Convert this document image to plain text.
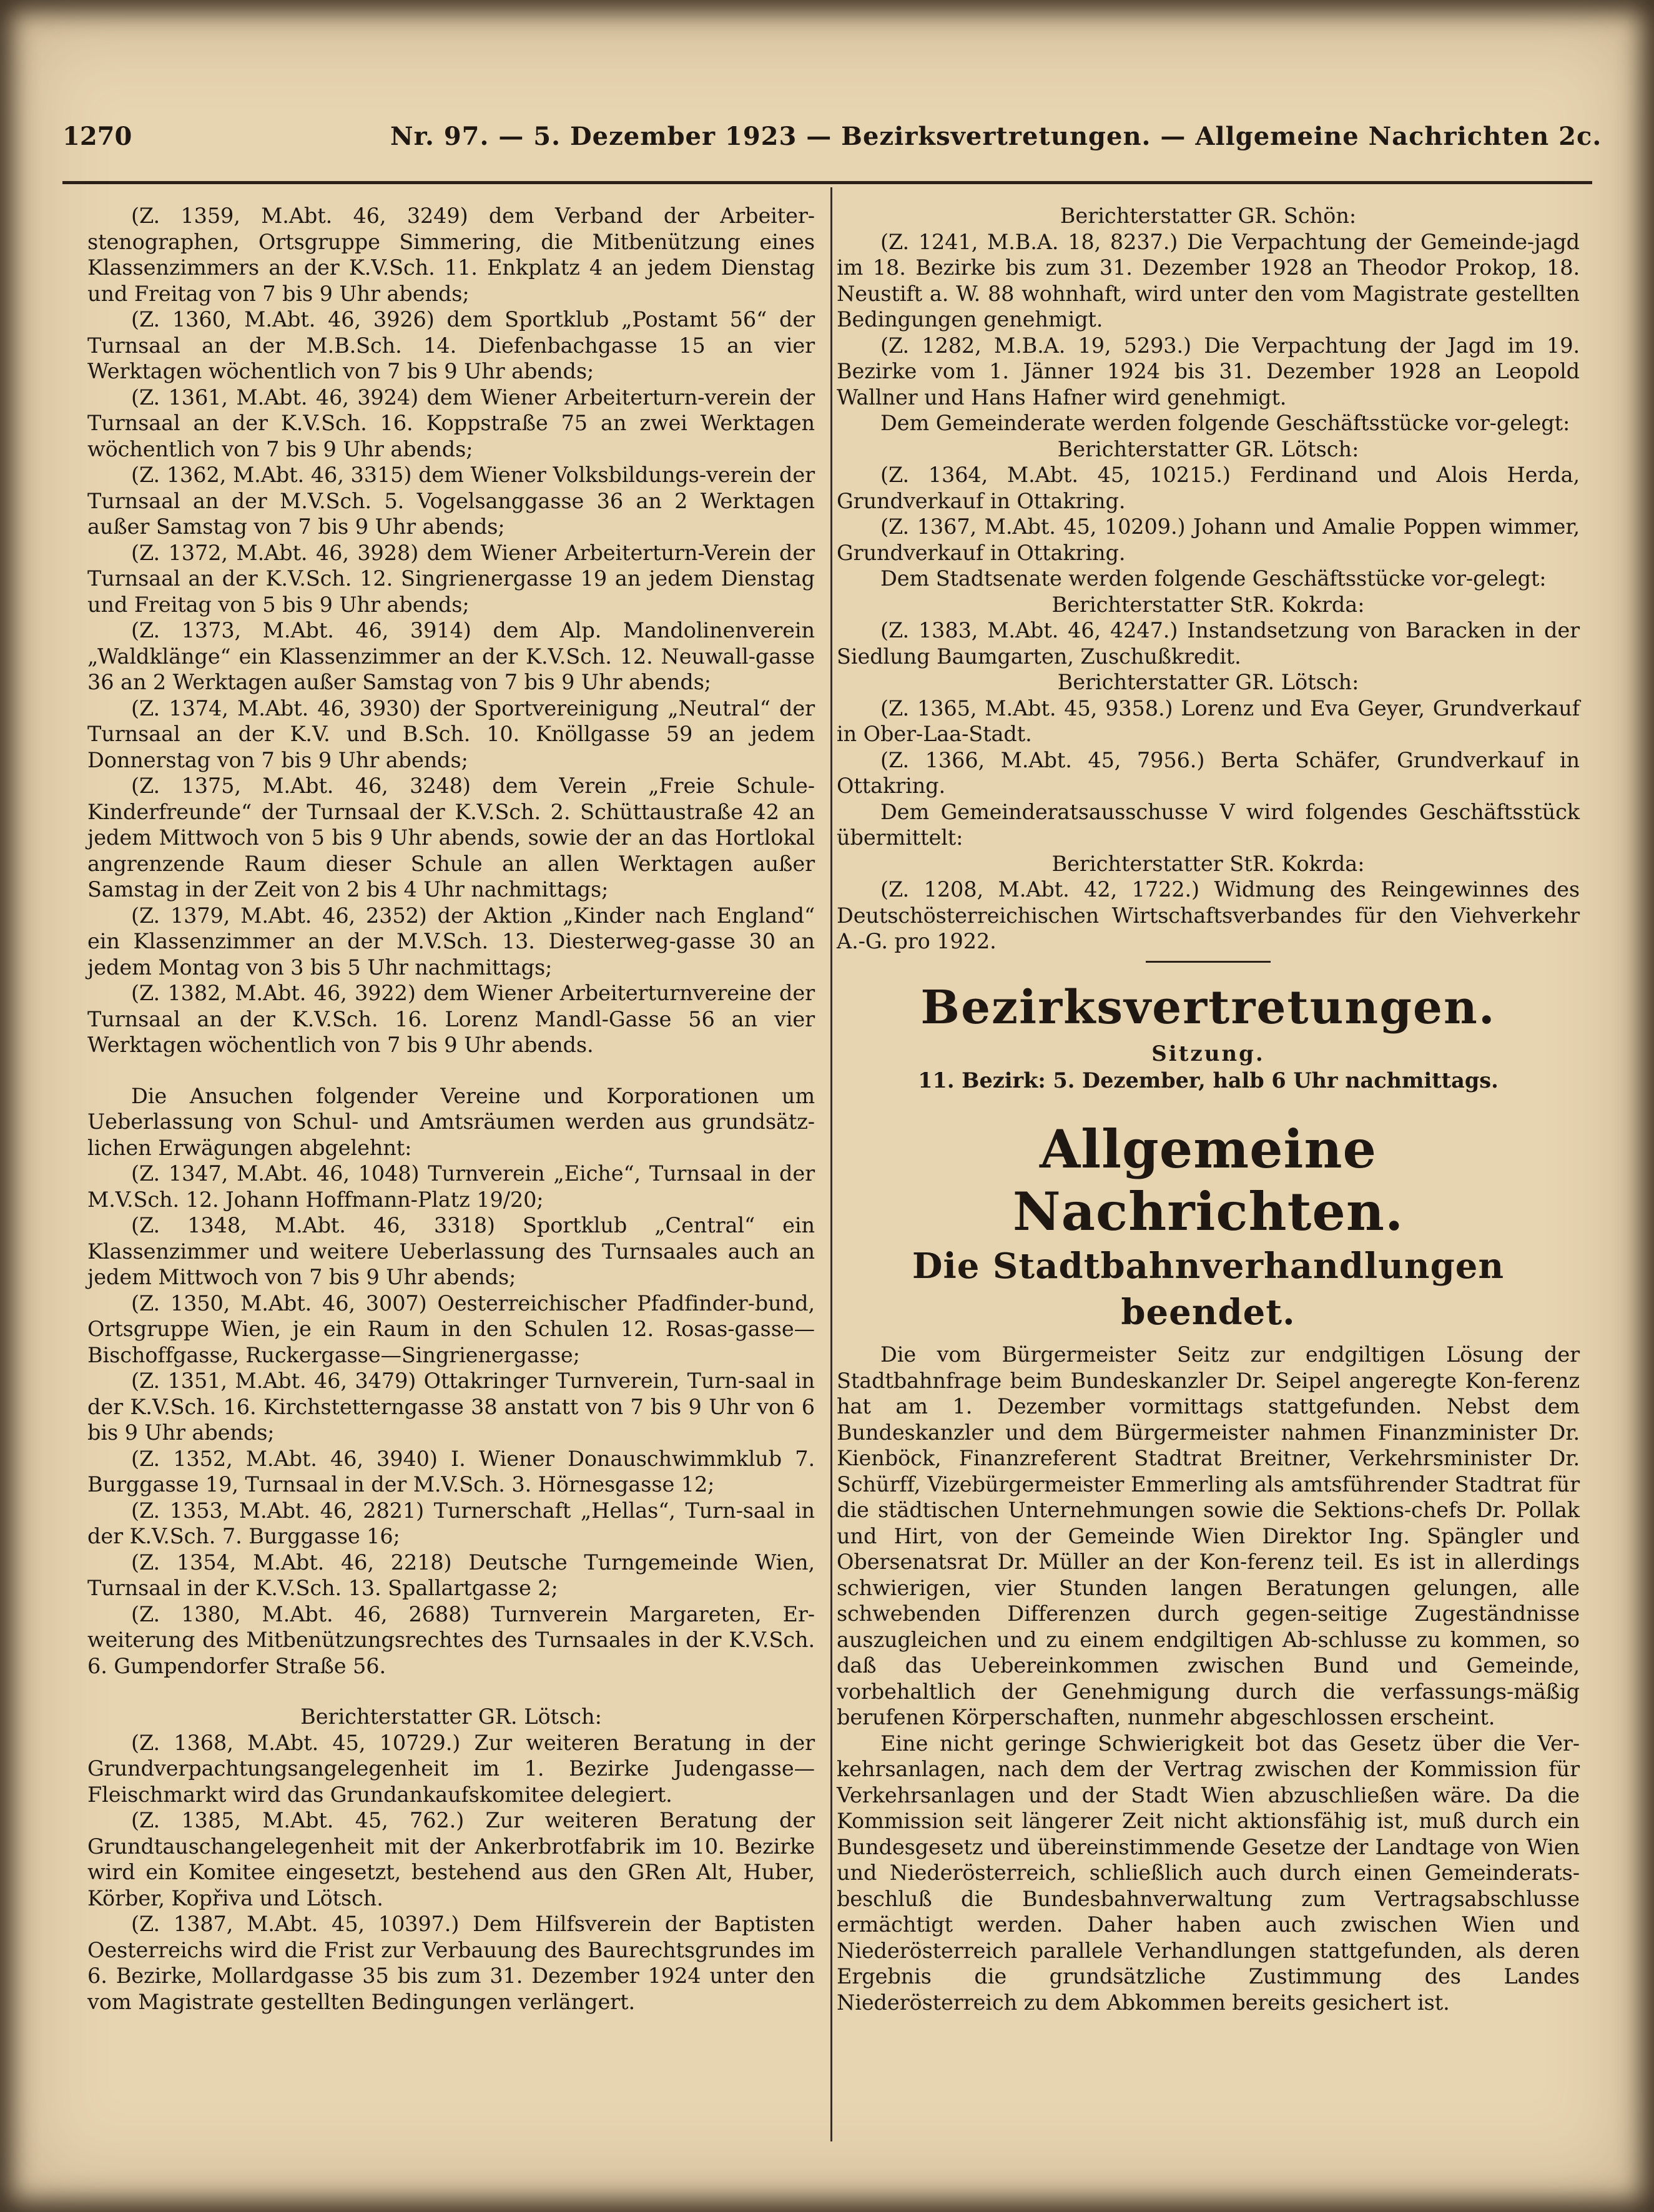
1270	Nr. 97. — 5. Dezember 1923 — Bezirksvertretungen. — Allgemeine Nachrichten 2c.

(Z. 1359, M.Abt. 46, 3249) dem Verband der Arbeiter-stenographen, Ortsgruppe Simmering, die Mitbenützung eines Klassenzimmers an der K.V.Sch. 11. Enkplatz 4 an jedem Dienstag und Freitag von 7 bis 9 Uhr abends;

(Z. 1360, M.Abt. 46, 3926) dem Sportklub „Postamt 56“ der Turnsaal an der M.B.Sch. 14. Diefenbachgasse 15 an vier Werktagen wöchentlich von 7 bis 9 Uhr abends;

(Z. 1361, M.Abt. 46, 3924) dem Wiener Arbeiterturn-verein der Turnsaal an der K.V.Sch. 16. Koppstraße 75 an zwei Werktagen wöchentlich von 7 bis 9 Uhr abends;

(Z. 1362, M.Abt. 46, 3315) dem Wiener Volksbildungs-verein der Turnsaal an der M.V.Sch. 5. Vogelsanggasse 36 an 2 Werktagen außer Samstag von 7 bis 9 Uhr abends;

(Z. 1372, M.Abt. 46, 3928) dem Wiener Arbeiterturn-Verein der Turnsaal an der K.V.Sch. 12. Singrienergasse 19 an jedem Dienstag und Freitag von 5 bis 9 Uhr abends;

(Z. 1373, M.Abt. 46, 3914) dem Alp. Mandolinenverein „Waldklänge“ ein Klassenzimmer an der K.V.Sch. 12. Neuwall-gasse 36 an 2 Werktagen außer Samstag von 7 bis 9 Uhr abends;

(Z. 1374, M.Abt. 46, 3930) der Sportvereinigung „Neutral“ der Turnsaal an der K.V. und B.Sch. 10. Knöllgasse 59 an jedem Donnerstag von 7 bis 9 Uhr abends;

(Z. 1375, M.Abt. 46, 3248) dem Verein „Freie Schule-Kinderfreunde“ der Turnsaal der K.V.Sch. 2. Schüttaustraße 42 an jedem Mittwoch von 5 bis 9 Uhr abends, sowie der an das Hortlokal angrenzende Raum dieser Schule an allen Werktagen außer Samstag in der Zeit von 2 bis 4 Uhr nachmittags;

(Z. 1379, M.Abt. 46, 2352) der Aktion „Kinder nach England“ ein Klassenzimmer an der M.V.Sch. 13. Diesterweg-gasse 30 an jedem Montag von 3 bis 5 Uhr nachmittags;

(Z. 1382, M.Abt. 46, 3922) dem Wiener Arbeiterturnvereine der Turnsaal an der K.V.Sch. 16. Lorenz Mandl-Gasse 56 an vier Werktagen wöchentlich von 7 bis 9 Uhr abends.

Die Ansuchen folgender Vereine und Korporationen um Ueberlassung von Schul- und Amtsräumen werden aus grundsätz-lichen Erwägungen abgelehnt:

(Z. 1347, M.Abt. 46, 1048) Turnverein „Eiche“, Turnsaal in der M.V.Sch. 12. Johann Hoffmann-Platz 19/20;

(Z. 1348, M.Abt. 46, 3318) Sportklub „Central“ ein Klassenzimmer und weitere Ueberlassung des Turnsaales auch an jedem Mittwoch von 7 bis 9 Uhr abends;

(Z. 1350, M.Abt. 46, 3007) Oesterreichischer Pfadfinder-bund, Ortsgruppe Wien, je ein Raum in den Schulen 12. Rosas-gasse—Bischoffgasse, Ruckergasse—Singrienergasse;

(Z. 1351, M.Abt. 46, 3479) Ottakringer Turnverein, Turn-saal in der K.V.Sch. 16. Kirchstetterngasse 38 anstatt von 7 bis 9 Uhr von 6 bis 9 Uhr abends;

(Z. 1352, M.Abt. 46, 3940) I. Wiener Donauschwimmklub 7. Burggasse 19, Turnsaal in der M.V.Sch. 3. Hörnesgasse 12;

(Z. 1353, M.Abt. 46, 2821) Turnerschaft „Hellas“, Turn-saal in der K.V.Sch. 7. Burggasse 16;

(Z. 1354, M.Abt. 46, 2218) Deutsche Turngemeinde Wien, Turnsaal in der K.V.Sch. 13. Spallartgasse 2;

(Z. 1380, M.Abt. 46, 2688) Turnverein Margareten, Er-weiterung des Mitbenützungsrechtes des Turnsaales in der K.V.Sch. 6. Gumpendorfer Straße 56.

Berichterstatter GR. Lötsch:

(Z. 1368, M.Abt. 45, 10729.) Zur weiteren Beratung in der Grundverpachtungsangelegenheit im 1. Bezirke Judengasse—Fleischmarkt wird das Grundankaufskomitee delegiert.

(Z. 1385, M.Abt. 45, 762.) Zur weiteren Beratung der Grundtauschangelegenheit mit der Ankerbrotfabrik im 10. Bezirke wird ein Komitee eingesetzt, bestehend aus den GRen Alt, Huber, Körber, Kopřiva und Lötsch.

(Z. 1387, M.Abt. 45, 10397.) Dem Hilfsverein der Baptisten Oesterreichs wird die Frist zur Verbauung des Baurechtsgrundes im 6. Bezirke, Mollardgasse 35 bis zum 31. Dezember 1924 unter den vom Magistrate gestellten Bedingungen verlängert.

Berichterstatter GR. Schön:

(Z. 1241, M.B.A. 18, 8237.) Die Verpachtung der Gemeinde-jagd im 18. Bezirke bis zum 31. Dezember 1928 an Theodor Prokop, 18. Neustift a. W. 88 wohnhaft, wird unter den vom Magistrate gestellten Bedingungen genehmigt.

(Z. 1282, M.B.A. 19, 5293.) Die Verpachtung der Jagd im 19. Bezirke vom 1. Jänner 1924 bis 31. Dezember 1928 an Leopold Wallner und Hans Hafner wird genehmigt.

Dem Gemeinderate werden folgende Geschäftsstücke vor-gelegt:

Berichterstatter GR. Lötsch:

(Z. 1364, M.Abt. 45, 10215.) Ferdinand und Alois Herda, Grundverkauf in Ottakring.

(Z. 1367, M.Abt. 45, 10209.) Johann und Amalie Poppen wimmer, Grundverkauf in Ottakring.

Dem Stadtsenate werden folgende Geschäftsstücke vor-gelegt:

Berichterstatter StR. Kokrda:

(Z. 1383, M.Abt. 46, 4247.) Instandsetzung von Baracken in der Siedlung Baumgarten, Zuschußkredit.

Berichterstatter GR. Lötsch:

(Z. 1365, M.Abt. 45, 9358.) Lorenz und Eva Geyer, Grundverkauf in Ober-Laa-Stadt.

(Z. 1366, M.Abt. 45, 7956.) Berta Schäfer, Grundverkauf in Ottakring.

Dem Gemeinderatsausschusse V wird folgendes Geschäftsstück übermittelt:

Berichterstatter StR. Kokrda:

(Z. 1208, M.Abt. 42, 1722.) Widmung des Reingewinnes des Deutschösterreichischen Wirtschaftsverbandes für den Viehverkehr A.-G. pro 1922.

Bezirksvertretungen.

Sitzung.

11. Bezirk: 5. Dezember, halb 6 Uhr nachmittags.

Allgemeine Nachrichten.

Die Stadtbahnverhandlungen beendet.

Die vom Bürgermeister Seitz zur endgiltigen Lösung der Stadtbahnfrage beim Bundeskanzler Dr. Seipel angeregte Kon-ferenz hat am 1. Dezember vormittags stattgefunden. Nebst dem Bundeskanzler und dem Bürgermeister nahmen Finanzminister Dr. Kienböck, Finanzreferent Stadtrat Breitner, Verkehrsminister Dr. Schürff, Vizebürgermeister Emmerling als amtsführender Stadtrat für die städtischen Unternehmungen sowie die Sektions-chefs Dr. Pollak und Hirt, von der Gemeinde Wien Direktor Ing. Spängler und Obersenatsrat Dr. Müller an der Kon-ferenz teil. Es ist in allerdings schwierigen, vier Stunden langen Beratungen gelungen, alle schwebenden Differenzen durch gegen-seitige Zugeständnisse auszugleichen und zu einem endgiltigen Ab-schlusse zu kommen, so daß das Uebereinkommen zwischen Bund und Gemeinde, vorbehaltlich der Genehmigung durch die verfassungs-mäßig berufenen Körperschaften, nunmehr abgeschlossen erscheint.

Eine nicht geringe Schwierigkeit bot das Gesetz über die Ver-kehrsanlagen, nach dem der Vertrag zwischen der Kommission für Verkehrsanlagen und der Stadt Wien abzuschließen wäre. Da die Kommission seit längerer Zeit nicht aktionsfähig ist, muß durch ein Bundesgesetz und übereinstimmende Gesetze der Landtage von Wien und Niederösterreich, schließlich auch durch einen Gemeinderats-beschluß die Bundesbahnverwaltung zum Vertragsabschlusse ermächtigt werden. Daher haben auch zwischen Wien und Niederösterreich parallele Verhandlungen stattgefunden, als deren Ergebnis die grundsätzliche Zustimmung des Landes Niederösterreich zu dem Abkommen bereits gesichert ist.
